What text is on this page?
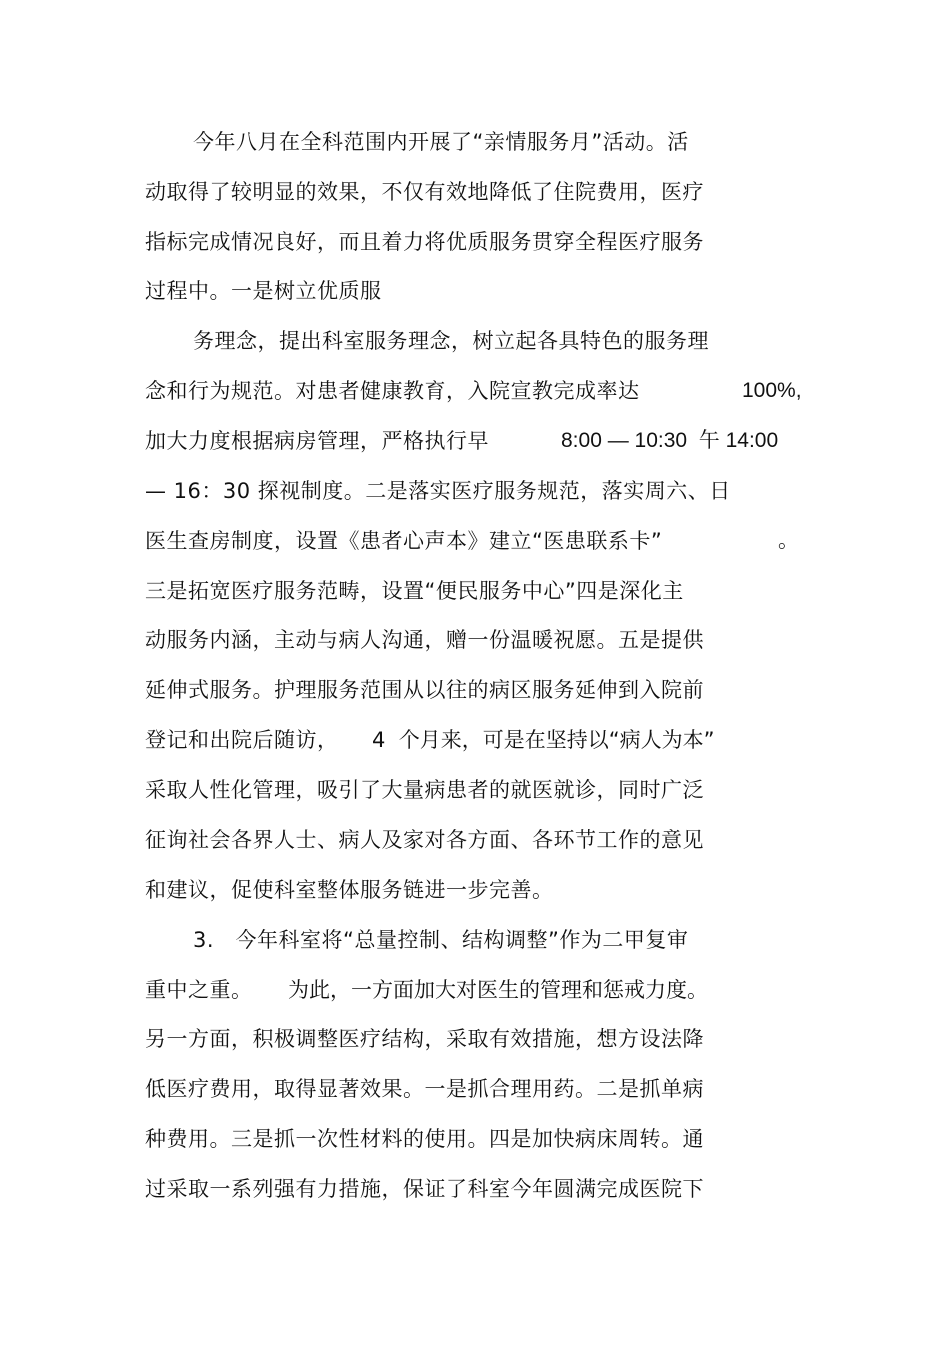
今年八月在全科范围内开展了“亲情服务月”活动。活
动取得了较明显的效果，不仅有效地降低了住院费用，医疗
指标完成情况良好，而且着力将优质服务贯穿全程医疗服务
过程中。一是树立优质服
务理念，提出科室服务理念，树立起各具特色的服务理
念和行为规范。对患者健康教育，入院宣教完成率达	100%,
加大力度根据病房管理，严格执行早	8:00 — 10:30  午 14:00
— 16：30 探视制度。二是落实医疗服务规范，落实周六、日
医生查房制度，设置《患者心声本》建立“医患联系卡”	。
三是拓宽医疗服务范畴，设置“便民服务中心”四是深化主
动服务内涵，主动与病人沟通，赠一份温暖祝愿。五是提供
延伸式服务。护理服务范围从以往的病区服务延伸到入院前
登记和出院后随访， 4  个月来，可是在坚持以“病人为本”
采取人性化管理，吸引了大量病患者的就医就诊，同时广泛
征询社会各界人士、病人及家对各方面、各环节工作的意见
和建议，促使科室整体服务链进一步完善。
3.   今年科室将“总量控制、结构调整”作为二甲复审
重中之重。 为此，一方面加大对医生的管理和惩戒力度。
另一方面，积极调整医疗结构，采取有效措施，想方设法降
低医疗费用，取得显著效果。一是抓合理用药。二是抓单病
种费用。三是抓一次性材料的使用。四是加快病床周转。通
过采取一系列强有力措施，保证了科室今年圆满完成医院下
